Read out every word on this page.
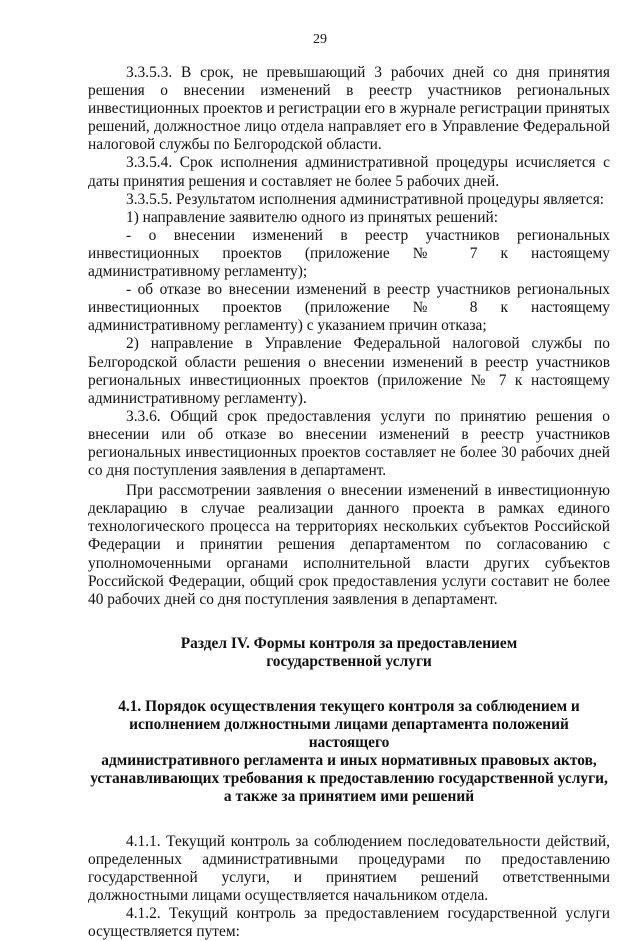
29

3.3.5.3. В срок, не превышающий 3 рабочих дней со дня принятия решения о внесении изменений в реестр участников региональных инвестиционных проектов и регистрации его в журнале регистрации принятых решений, должностное лицо отдела направляет его в Управление Федеральной налоговой службы по Белгородской области.

3.3.5.4. Срок исполнения административной процедуры исчисляется с даты принятия решения и составляет не более 5 рабочих дней.

3.3.5.5. Результатом исполнения административной процедуры является:

1) направление заявителю одного из принятых решений:

- о внесении изменений в реестр участников региональных инвестиционных проектов (приложение № 7 к настоящему административному регламенту);

- об отказе во внесении изменений в реестр участников региональных инвестиционных проектов (приложение № 8 к настоящему административному регламенту) с указанием причин отказа;

2) направление в Управление Федеральной налоговой службы по Белгородской области решения о внесении изменений в реестр участников региональных инвестиционных проектов (приложение № 7 к настоящему административному регламенту).

3.3.6. Общий срок предоставления услуги по принятию решения о внесении или об отказе во внесении изменений в реестр участников региональных инвестиционных проектов составляет не более 30 рабочих дней со дня поступления заявления в департамент.

При рассмотрении заявления о внесении изменений в инвестиционную декларацию в случае реализации данного проекта в рамках единого технологического процесса на территориях нескольких субъектов Российской Федерации и принятии решения департаментом по согласованию с уполномоченными органами исполнительной власти других субъектов Российской Федерации, общий срок предоставления услуги составит не более 40 рабочих дней со дня поступления заявления в департамент.

Раздел IV. Формы контроля за предоставлением
государственной услуги
4.1. Порядок осуществления текущего контроля за соблюдением и
исполнением должностными лицами департамента положений настоящего
административного регламента и иных нормативных правовых актов,
устанавливающих требования к предоставлению государственной услуги,
а также за принятием ими решений

4.1.1. Текущий контроль за соблюдением последовательности действий, определенных административными процедурами по предоставлению государственной услуги, и принятием решений ответственными должностными лицами осуществляется начальником отдела.

4.1.2. Текущий контроль за предоставлением государственной услуги осуществляется путем:
